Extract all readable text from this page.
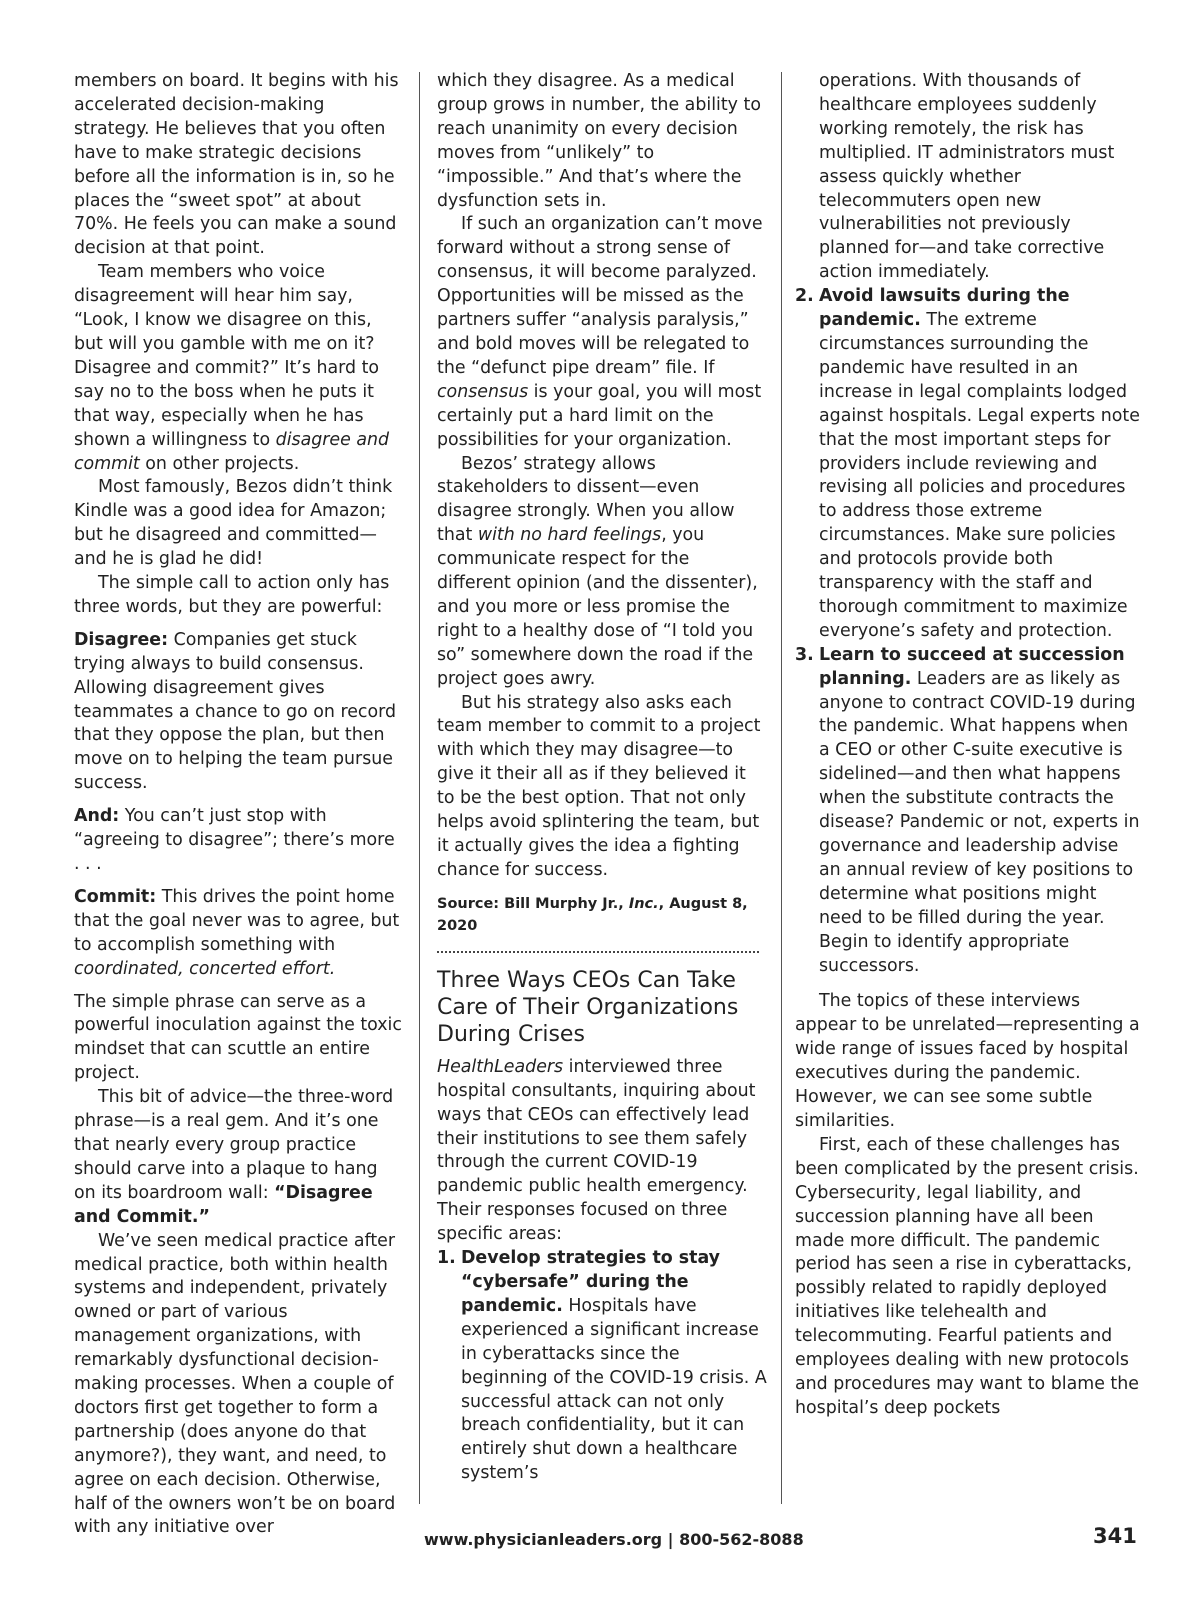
members on board. It begins with his accelerated decision-making strategy. He believes that you often have to make strategic decisions before all the information is in, so he places the “sweet spot” at about 70%. He feels you can make a sound decision at that point.

Team members who voice disagreement will hear him say, “Look, I know we disagree on this, but will you gamble with me on it? Disagree and commit?” It’s hard to say no to the boss when he puts it that way, especially when he has shown a willingness to disagree and commit on other projects.

Most famously, Bezos didn’t think Kindle was a good idea for Amazon; but he disagreed and committed—and he is glad he did!

The simple call to action only has three words, but they are powerful:

Disagree: Companies get stuck trying always to build consensus. Allowing disagreement gives teammates a chance to go on record that they oppose the plan, but then move on to helping the team pursue success.

And: You can’t just stop with “agreeing to disagree”; there’s more . . .

Commit: This drives the point home that the goal never was to agree, but to accomplish something with coordinated, concerted effort.

The simple phrase can serve as a powerful inoculation against the toxic mindset that can scuttle an entire project.

This bit of advice—the three-word phrase—is a real gem. And it’s one that nearly every group practice should carve into a plaque to hang on its boardroom wall: “Disagree and Commit.”

We’ve seen medical practice after medical practice, both within health systems and independent, privately owned or part of various management organizations, with remarkably dysfunctional decision-making processes. When a couple of doctors first get together to form a partnership (does anyone do that anymore?), they want, and need, to agree on each decision. Otherwise, half of the owners won’t be on board with any initiative over

which they disagree. As a medical group grows in number, the ability to reach unanimity on every decision moves from “unlikely” to “impossible.” And that’s where the dysfunction sets in.

If such an organization can’t move forward without a strong sense of consensus, it will become paralyzed. Opportunities will be missed as the partners suffer “analysis paralysis,” and bold moves will be relegated to the “defunct pipe dream” file. If consensus is your goal, you will most certainly put a hard limit on the possibilities for your organization.

Bezos’ strategy allows stakeholders to dissent—even disagree strongly. When you allow that with no hard feelings, you communicate respect for the different opinion (and the dissenter), and you more or less promise the right to a healthy dose of “I told you so” somewhere down the road if the project goes awry.

But his strategy also asks each team member to commit to a project with which they may disagree—to give it their all as if they believed it to be the best option. That not only helps avoid splintering the team, but it actually gives the idea a fighting chance for success.

Source: Bill Murphy Jr., Inc., August 8, 2020

Three Ways CEOs Can Take Care of Their Organizations During Crises

HealthLeaders interviewed three hospital consultants, inquiring about ways that CEOs can effectively lead their institutions to see them safely through the current COVID-19 pandemic public health emergency. Their responses focused on three specific areas:

1. Develop strategies to stay “cybersafe” during the pandemic. Hospitals have experienced a significant increase in cyberattacks since the beginning of the COVID-19 crisis. A successful attack can not only breach confidentiality, but it can entirely shut down a healthcare system’s
operations. With thousands of healthcare employees suddenly working remotely, the risk has multiplied. IT administrators must assess quickly whether telecommuters open new vulnerabilities not previously planned for—and take corrective action immediately.
2. Avoid lawsuits during the pandemic. The extreme circumstances surrounding the pandemic have resulted in an increase in legal complaints lodged against hospitals. Legal experts note that the most important steps for providers include reviewing and revising all policies and procedures to address those extreme circumstances. Make sure policies and protocols provide both transparency with the staff and thorough commitment to maximize everyone’s safety and protection.
3. Learn to succeed at succession planning. Leaders are as likely as anyone to contract COVID-19 during the pandemic. What happens when a CEO or other C-suite executive is sidelined—and then what happens when the substitute contracts the disease? Pandemic or not, experts in governance and leadership advise an annual review of key positions to determine what positions might need to be filled during the year. Begin to identify appropriate successors.

The topics of these interviews appear to be unrelated—representing a wide range of issues faced by hospital executives during the pandemic. However, we can see some subtle similarities.

First, each of these challenges has been complicated by the present crisis. Cybersecurity, legal liability, and succession planning have all been made more difficult. The pandemic period has seen a rise in cyberattacks, possibly related to rapidly deployed initiatives like telehealth and telecommuting. Fearful patients and employees dealing with new protocols and procedures may want to blame the hospital’s deep pockets

www.physicianleaders.org | 800-562-8088	341
